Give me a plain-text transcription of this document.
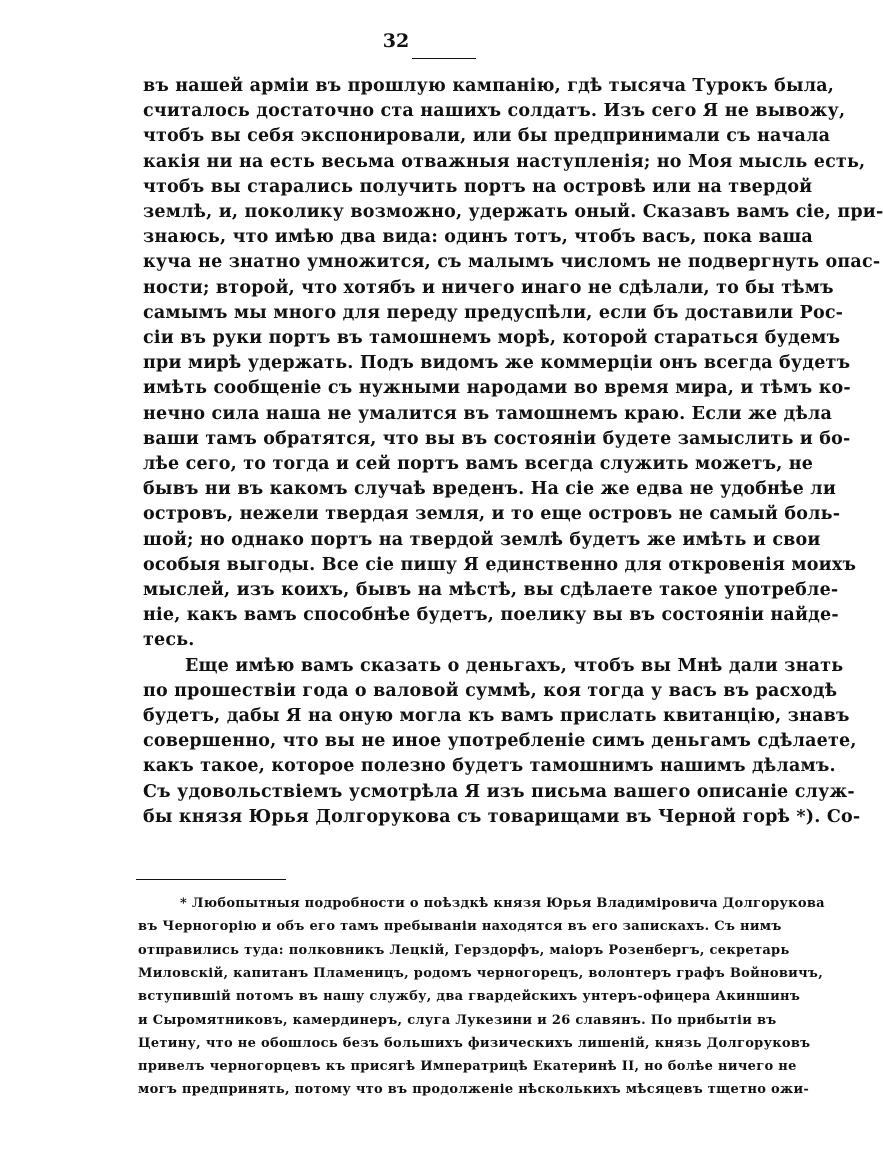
32
въ нашей арміи въ прошлую кампанію, гдѣ тысяча Турокъ была,
считалось достаточно ста нашихъ солдатъ. Изъ сего Я не вывожу,
чтобъ вы себя экспонировали, или бы предпринимали съ начала
какія ни на есть весьма отважныя наступленія; но Моя мысль есть,
чтобъ вы старались получить портъ на островѣ или на твердой
землѣ, и, поколику возможно, удержать оный. Сказавъ вамъ сіе, при-
знаюсь, что имѣю два вида: одинъ тотъ, чтобъ васъ, пока ваша
куча не знатно умножится, съ малымъ числомъ не подвергнуть опас-
ности; второй, что хотябъ и ничего инаго не сдѣлали, то бы тѣмъ
самымъ мы много для переду предуспѣли, если бъ доставили Рос-
сіи въ руки портъ въ тамошнемъ морѣ, которой стараться будемъ
при мирѣ удержать. Подъ видомъ же коммерціи онъ всегда будетъ
имѣть сообщеніе съ нужными народами во время мира, и тѣмъ ко-
нечно сила наша не умалится въ тамошнемъ краю. Если же дѣла
ваши тамъ обратятся, что вы въ состояніи будете замыслить и бо-
лѣе сего, то тогда и сей портъ вамъ всегда служить можетъ, не
бывъ ни въ какомъ случаѣ вреденъ. На сіе же едва не удобнѣе ли
островъ, нежели твердая земля, и то еще островъ не самый боль-
шой; но однако портъ на твердой землѣ будетъ же имѣть и свои
особыя выгоды. Все сіе пишу Я единственно для откровенія моихъ
мыслей, изъ коихъ, бывъ на мѣстѣ, вы сдѣлаете такое употребле-
ніе, какъ вамъ способнѣе будетъ, поелику вы въ состояніи найде-
тесь.
Еще имѣю вамъ сказать о деньгахъ, чтобъ вы Мнѣ дали знать
по прошествіи года о валовой суммѣ, коя тогда у васъ въ расходѣ
будетъ, дабы Я на оную могла къ вамъ прислать квитанцію, знавъ
совершенно, что вы не иное употребленіе симъ деньгамъ сдѣлаете,
какъ такое, которое полезно будетъ тамошнимъ нашимъ дѣламъ.
Съ удовольствіемъ усмотрѣла Я изъ письма вашего описаніе служ-
бы князя Юрья Долгорукова съ товарищами въ Черной горѣ *). Со-
* Любопытныя подробности о поѣздкѣ князя Юрья Владиміровича Долгорукова
въ Черногорію и объ его тамъ пребываніи находятся въ его запискахъ. Съ нимъ
отправились туда: полковникъ Лецкій, Герздорфъ, маіоръ Розенбергъ, секретарь
Миловскій, капитанъ Пламеницъ, родомъ черногорецъ, волонтеръ графъ Войновичъ,
вступившій потомъ въ нашу службу, два гвардейскихъ унтеръ-офицера Акиншинъ
и Сыромятниковъ, камердинеръ, слуга Лукезини и 26 славянъ. По прибытіи въ
Цетину, что не обошлось безъ большихъ физическихъ лишеній, князь Долгоруковъ
привелъ черногорцевъ къ присягѣ Императрицѣ Екатеринѣ II, но болѣе ничего не
могъ предпринять, потому что въ продолженіе нѣсколькихъ мѣсяцевъ тщетно ожи-
